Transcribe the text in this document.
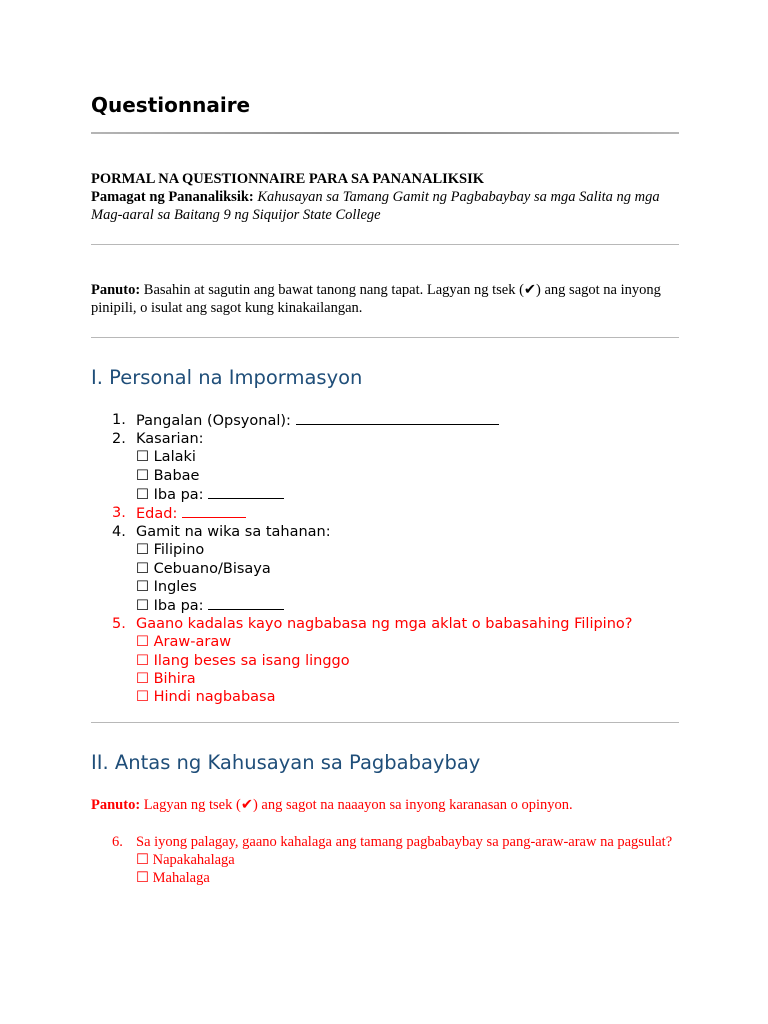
Questionnaire
PORMAL NA QUESTIONNAIRE PARA SA PANANALIKSIK
Pamagat ng Pananaliksik: Kahusayan sa Tamang Gamit ng Pagbabaybay sa mga Salita ng mga Mag-aaral sa Baitang 9 ng Siquijor State College
Panuto: Basahin at sagutin ang bawat tanong nang tapat. Lagyan ng tsek (✔) ang sagot na inyong pinipili, o isulat ang sagot kung kinakailangan.
I. Personal na Impormasyon
1. Pangalan (Opsyonal):
2. Kasarian:
☐ Lalaki
☐ Babae
☐ Iba pa:
3. Edad:
4. Gamit na wika sa tahanan:
☐ Filipino
☐ Cebuano/Bisaya
☐ Ingles
☐ Iba pa:
5. Gaano kadalas kayo nagbabasa ng mga aklat o babasahing Filipino?
☐ Araw-araw
☐ Ilang beses sa isang linggo
☐ Bihira
☐ Hindi nagbabasa
II. Antas ng Kahusayan sa Pagbabaybay
Panuto: Lagyan ng tsek (✔) ang sagot na naaayon sa inyong karanasan o opinyon.
6. Sa iyong palagay, gaano kahalaga ang tamang pagbabaybay sa pang-araw-araw na pagsulat?
☐ Napakahalaga
☐ Mahalaga
